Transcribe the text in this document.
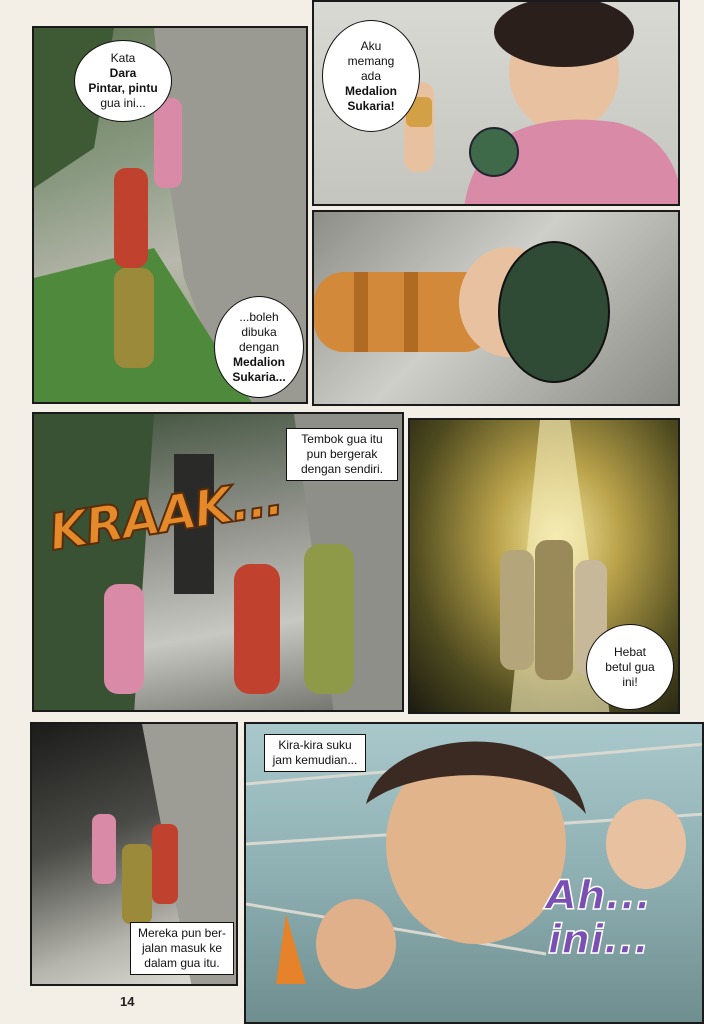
Kata
Dara
Pintar, pintu
gua ini...
...boleh
dibuka
dengan
Medalion
Sukaria...
Aku
memang
ada
Medalion
Sukaria!
Tembok gua itu
pun bergerak
dengan sendiri.
KRAAK...
Hebat
betul gua
ini!
Mereka pun ber-
jalan masuk ke
dalam gua itu.
Kira-kira suku
jam kemudian...
Ah...
ini...
14
